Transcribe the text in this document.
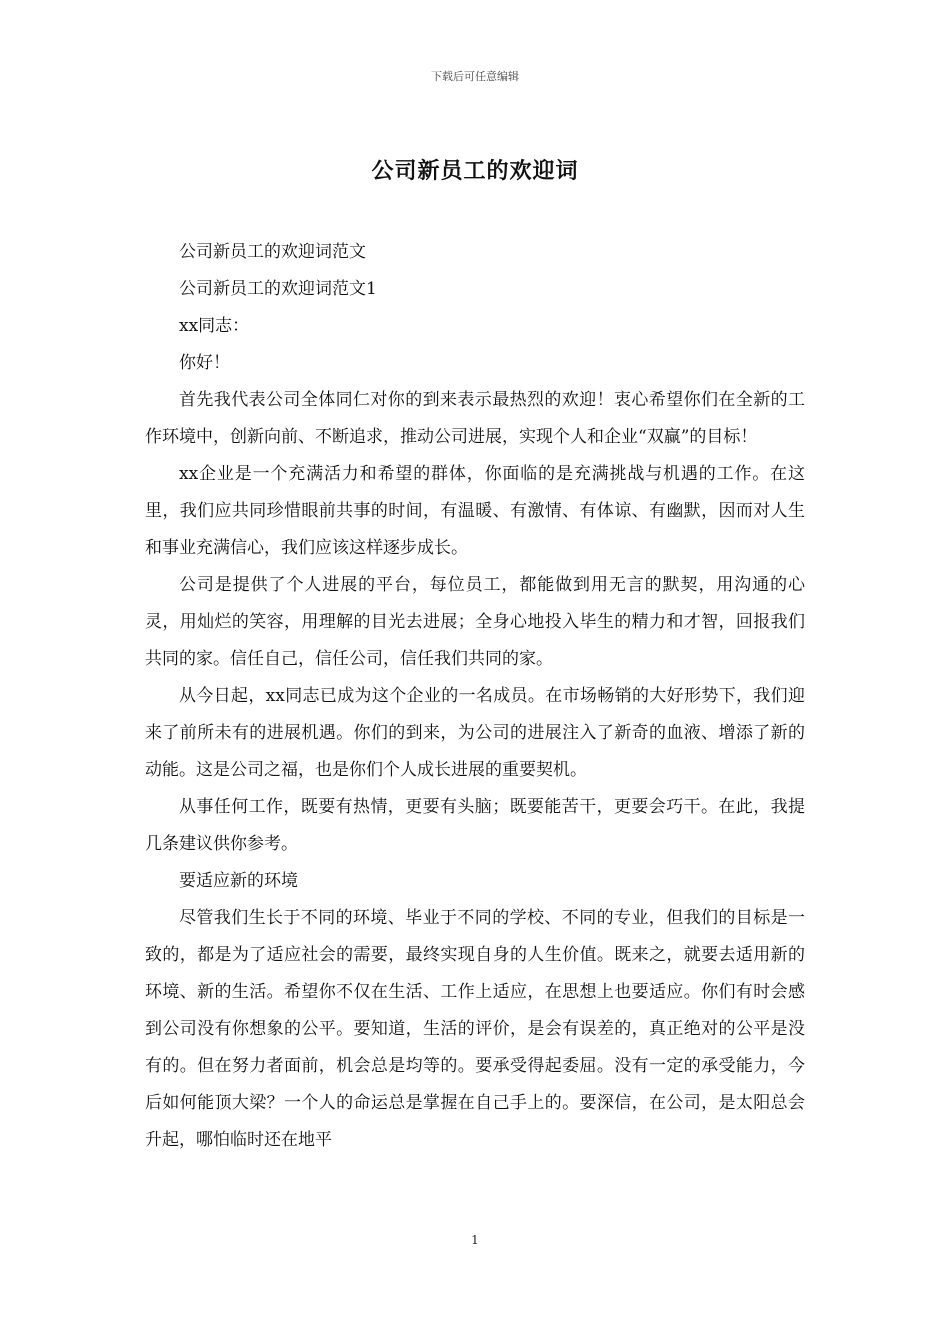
下载后可任意编辑
公司新员工的欢迎词

公司新员工的欢迎词范文

公司新员工的欢迎词范文1

xx同志：

你好！

首先我代表公司全体同仁对你的到来表示最热烈的欢迎！衷心希望你们在全新的工作环境中，创新向前、不断追求，推动公司进展，实现个人和企业“双赢”的目标！

xx企业是一个充满活力和希望的群体，你面临的是充满挑战与机遇的工作。在这里，我们应共同珍惜眼前共事的时间，有温暖、有激情、有体谅、有幽默，因而对人生和事业充满信心，我们应该这样逐步成长。

公司是提供了个人进展的平台，每位员工，都能做到用无言的默契，用沟通的心灵，用灿烂的笑容，用理解的目光去进展；全身心地投入毕生的精力和才智，回报我们共同的家。信任自己，信任公司，信任我们共同的家。

从今日起，xx同志已成为这个企业的一名成员。在市场畅销的大好形势下，我们迎来了前所未有的进展机遇。你们的到来，为公司的进展注入了新奇的血液、增添了新的动能。这是公司之福，也是你们个人成长进展的重要契机。

从事任何工作，既要有热情，更要有头脑；既要能苦干，更要会巧干。在此，我提几条建议供你参考。

要适应新的环境

尽管我们生长于不同的环境、毕业于不同的学校、不同的专业，但我们的目标是一致的，都是为了适应社会的需要，最终实现自身的人生价值。既来之，就要去适用新的环境、新的生活。希望你不仅在生活、工作上适应，在思想上也要适应。你们有时会感到公司没有你想象的公平。要知道，生活的评价，是会有误差的，真正绝对的公平是没有的。但在努力者面前，机会总是均等的。要承受得起委屈。没有一定的承受能力，今后如何能顶大梁？一个人的命运总是掌握在自己手上的。要深信，在公司，是太阳总会升起，哪怕临时还在地平

1
